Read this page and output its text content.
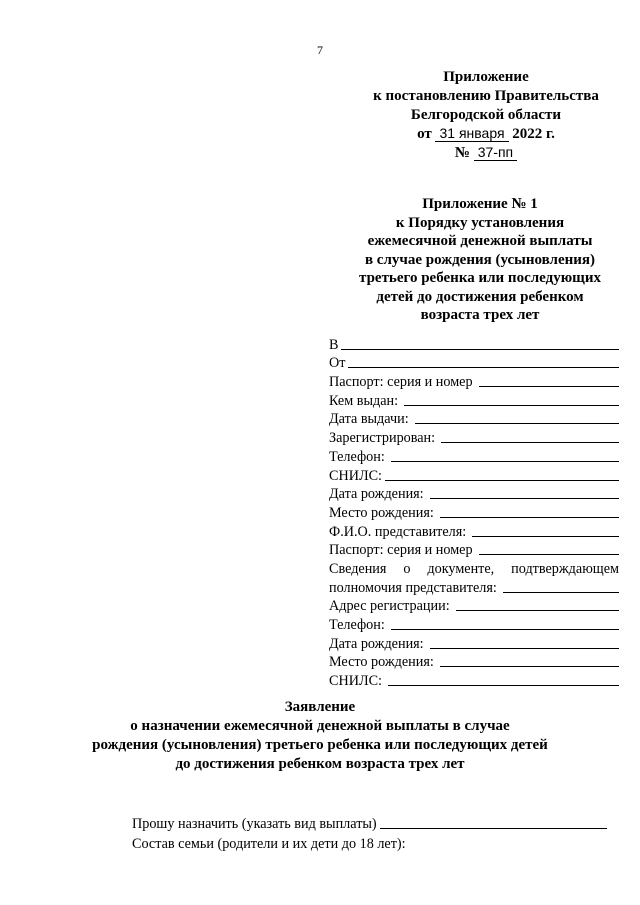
7
Приложение
к постановлению Правительства
Белгородской области
от 31 января 2022 г.
№ 37-пп
Приложение № 1
к Порядку установления
ежемесячной денежной выплаты
в случае рождения (усыновления)
третьего ребенка или последующих
детей до достижения ребенком
возраста трех лет
В
От
Паспорт: серия и номер
Кем выдан:
Дата выдачи:
Зарегистрирован:
Телефон:
СНИЛС:
Дата рождения:
Место рождения:
Ф.И.О. представителя:
Паспорт: серия и номер
Сведения о документе, подтверждающем
полномочия представителя:
Адрес регистрации:
Телефон:
Дата рождения:
Место рождения:
СНИЛС:
Заявление
о назначении ежемесячной денежной выплаты в случае
рождения (усыновления) третьего ребенка или последующих детей
до достижения ребенком возраста трех лет
Прошу назначить (указать вид выплаты)
Состав семьи (родители и их дети до 18 лет):
